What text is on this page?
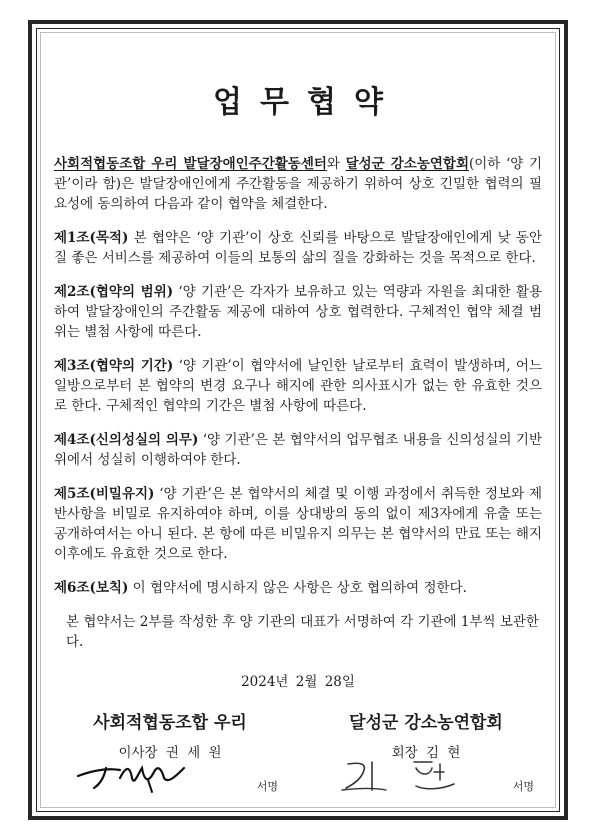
업무협약

사회적협동조합 우리 발달장애인주간활동센터와 달성군 강소농연합회(이하 ‘양 기관’이라 함)은 발달장애인에게 주간활동을 제공하기 위하여 상호 긴밀한 협력의 필요성에 동의하여 다음과 같이 협약을 체결한다.

제1조(목적) 본 협약은 ‘양 기관’이 상호 신뢰를 바탕으로 발달장애인에게 낮 동안 질 좋은 서비스를 제공하여 이들의 보통의 삶의 질을 강화하는 것을 목적으로 한다.

제2조(협약의 범위) ‘양 기관’은 각자가 보유하고 있는 역량과 자원을 최대한 활용하여 발달장애인의 주간활동 제공에 대하여 상호 협력한다. 구체적인 협약 체결 범위는 별첨 사항에 따른다.

제3조(협약의 기간) ‘양 기관’이 협약서에 날인한 날로부터 효력이 발생하며, 어느 일방으로부터 본 협약의 변경 요구나 해지에 관한 의사표시가 없는 한 유효한 것으로 한다. 구체적인 협약의 기간은 별첨 사항에 따른다.

제4조(신의성실의 의무) ‘양 기관’은 본 협약서의 업무협조 내용을 신의성실의 기반위에서 성실히 이행하여야 한다.

제5조(비밀유지) ‘양 기관’은 본 협약서의 체결 및 이행 과정에서 취득한 정보와 제반사항을 비밀로 유지하여야 하며, 이를 상대방의 동의 없이 제3자에게 유출 또는 공개하여서는 아니 된다. 본 항에 따른 비밀유지 의무는 본 협약서의 만료 또는 해지 이후에도 유효한 것으로 한다.

제6조(보칙) 이 협약서에 명시하지 않은 사항은 상호 협의하여 정한다.

본 협약서는 2부를 작성한 후 양 기관의 대표가 서명하여 각 기관에 1부씩 보관한다.

2024년 2월 28일
사회적협동조합 우리
이사장 권 세 원
서명
달성군 강소농연합회
회장 김 현
서명
